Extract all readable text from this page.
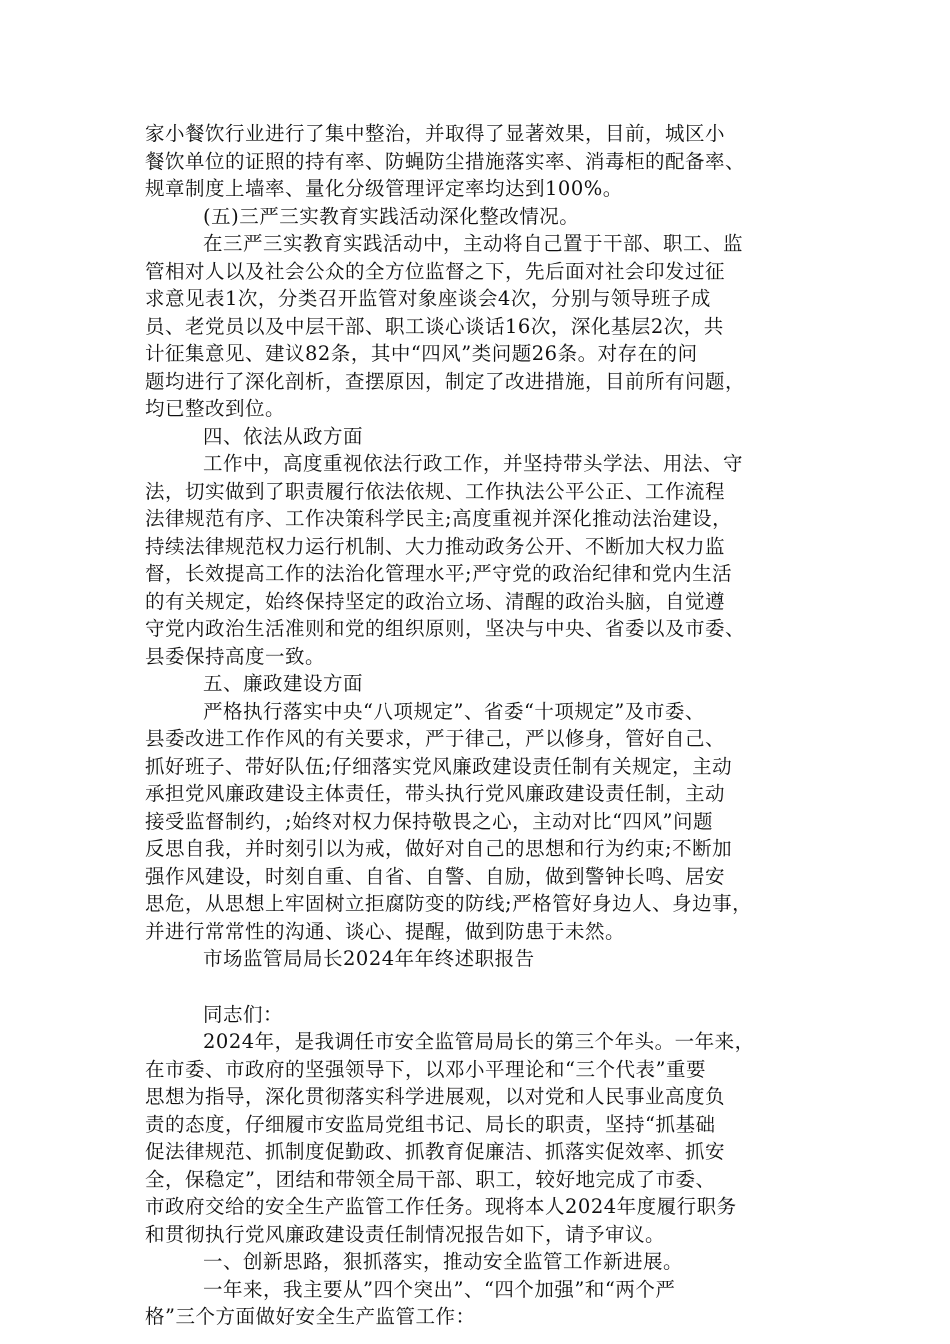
家小餐饮行业进行了集中整治，并取得了显著效果，目前，城区小
餐饮单位的证照的持有率、防蝇防尘措施落实率、消毒柜的配备率、
规章制度上墙率、量化分级管理评定率均达到100%。
(五)三严三实教育实践活动深化整改情况。
在三严三实教育实践活动中，主动将自己置于干部、职工、监
管相对人以及社会公众的全方位监督之下，先后面对社会印发过征
求意见表1次，分类召开监管对象座谈会4次，分别与领导班子成
员、老党员以及中层干部、职工谈心谈话16次，深化基层2次，共
计征集意见、建议82条，其中“四风”类问题26条。对存在的问
题均进行了深化剖析，查摆原因，制定了改进措施，目前所有问题，
均已整改到位。
四、依法从政方面
工作中，高度重视依法行政工作，并坚持带头学法、用法、守
法，切实做到了职责履行依法依规、工作执法公平公正、工作流程
法律规范有序、工作决策科学民主;高度重视并深化推动法治建设，
持续法律规范权力运行机制、大力推动政务公开、不断加大权力监
督，长效提高工作的法治化管理水平;严守党的政治纪律和党内生活
的有关规定，始终保持坚定的政治立场、清醒的政治头脑，自觉遵
守党内政治生活准则和党的组织原则，坚决与中央、省委以及市委、
县委保持高度一致。
五、廉政建设方面
严格执行落实中央“八项规定”、省委“十项规定”及市委、
县委改进工作作风的有关要求，严于律己，严以修身，管好自己、
抓好班子、带好队伍;仔细落实党风廉政建设责任制有关规定，主动
承担党风廉政建设主体责任，带头执行党风廉政建设责任制，主动
接受监督制约，;始终对权力保持敬畏之心，主动对比“四风”问题
反思自我，并时刻引以为戒，做好对自己的思想和行为约束;不断加
强作风建设，时刻自重、自省、自警、自励，做到警钟长鸣、居安
思危，从思想上牢固树立拒腐防变的防线;严格管好身边人、身边事，
并进行常常性的沟通、谈心、提醒，做到防患于未然。
市场监管局局长2024年年终述职报告
同志们：
2024年，是我调任市安全监管局局长的第三个年头。一年来，
在市委、市政府的坚强领导下，以邓小平理论和“三个代表”重要
思想为指导，深化贯彻落实科学进展观，以对党和人民事业高度负
责的态度，仔细履市安监局党组书记、局长的职责，坚持“抓基础
促法律规范、抓制度促勤政、抓教育促廉洁、抓落实促效率、抓安
全，保稳定”，团结和带领全局干部、职工，较好地完成了市委、
市政府交给的安全生产监管工作任务。现将本人2024年度履行职务
和贯彻执行党风廉政建设责任制情况报告如下，请予审议。
一、创新思路，狠抓落实，推动安全监管工作新进展。
一年来，我主要从”四个突出”、“四个加强”和“两个严
格”三个方面做好安全生产监管工作：
